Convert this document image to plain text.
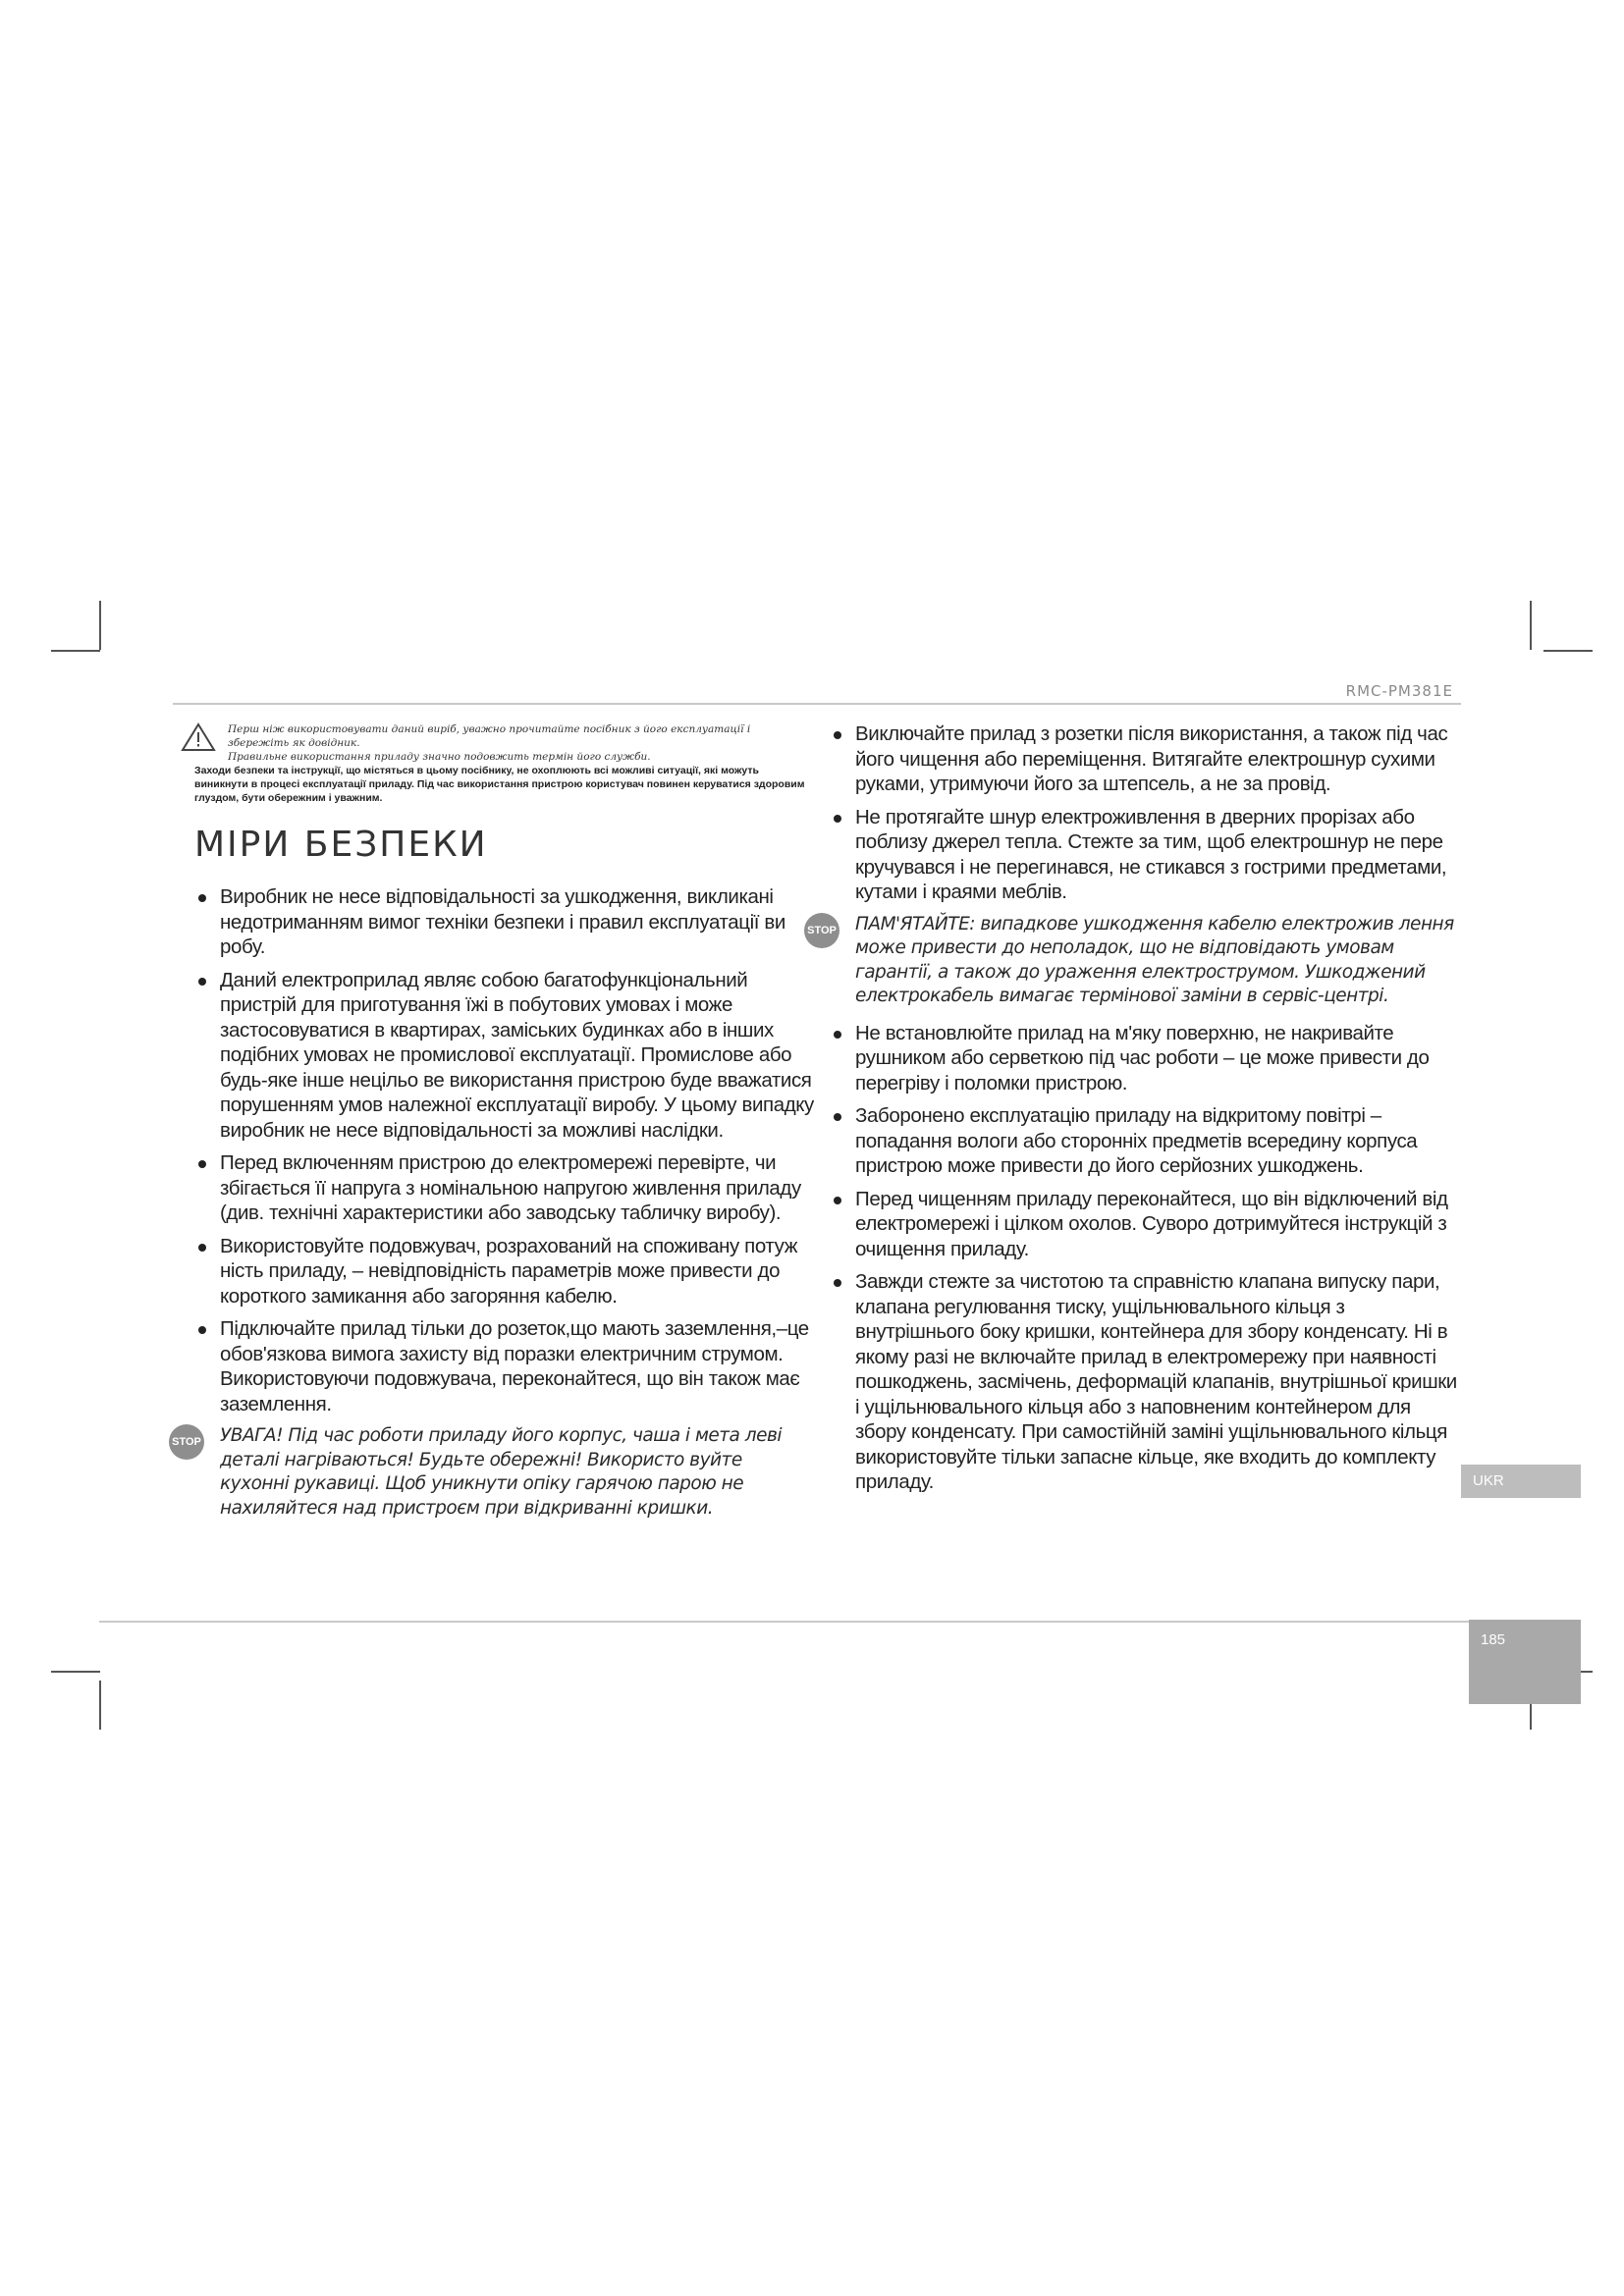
RMC-PM381E
Перш ніж використовувати даний виріб, уважно прочитайте посібник з його експлуатації і збережіть як довідник.
Правильне використання приладу значно подовжить термін його служби.
Заходи безпеки та інструкції, що містяться в цьому посібнику, не охоплюють всі можливі ситуації, які можуть виникнути в процесі експлуатації приладу. Під час використання пристрою користувач повинен керуватися здоровим глуздом, бути обережним і уважним.
МІРИ БЕЗПЕКИ
Виробник не несе відповідальності за ушкодження, викликані недотриманням вимог техніки безпеки і правил експлуатації ви робу.
Даний електроприлад являє собою багатофункціональний пристрій для приготування їжі в побутових умовах і може застосовуватися в квартирах, заміських будинках або в інших подібних умовах не промислової експлуатації. Промислове або будь-яке інше нецільо ве використання пристрою буде вважатися порушенням умов належної експлуатації виробу. У цьому випадку виробник не несе відповідальності за можливі наслідки.
Перед включенням пристрою до електромережі перевірте, чи збігається її напруга з номінальною напругою живлення приладу (див. технічні характеристики або заводську табличку виробу).
Використовуйте подовжувач, розрахований на споживану потуж ність приладу, – невідповідність параметрів може привести до короткого замикання або загоряння кабелю.
Підключайте прилад тільки до розеток,що мають заземлення,–це обов'язкова вимога захисту від поразки електричним струмом. Використовуючи подовжувача, переконайтеся, що він також має заземлення.
STOP УВАГА! Під час роботи приладу його корпус, чаша і мета леві деталі нагріваються! Будьте обережні! Використо вуйте кухонні рукавиці. Щоб уникнути опіку гарячою парою не нахиляйтеся над пристроєм при відкриванні кришки.
Виключайте прилад з розетки після використання, а також під час його чищення або переміщення. Витягайте електрошнур сухими руками, утримуючи його за штепсель, а не за провід.
Не протягайте шнур електроживлення в дверних прорізах або поблизу джерел тепла. Стежте за тим, щоб електрошнур не пере кручувався і не перегинався, не стикався з гострими предметами, кутами і краями меблів.
STOP ПАМ'ЯТАЙТЕ: випадкове ушкодження кабелю електрожив лення може привести до неполадок, що не відповідають умовам гарантії, а також до ураження електрострумом. Ушкоджений електрокабель вимагає термінової заміни в сервіс-центрі.
Не встановлюйте прилад на м'яку поверхню, не накривайте рушником або серветкою під час роботи – це може привести до перегріву і поломки пристрою.
Заборонено експлуатацію приладу на відкритому повітрі – попадання вологи або сторонніх предметів всередину корпуса пристрою може привести до його серйозних ушкоджень.
Перед чищенням приладу переконайтеся, що він відключений від електромережі і цілком охолов. Суворо дотримуйтеся інструкцій з очищення приладу.
Завжди стежте за чистотою та справністю клапана випуску пари, клапана регулювання тиску, ущільнювального кільця з внутрішнього боку кришки, контейнера для збору конденсату. Ні в якому разі не включайте прилад в електромережу при наявності пошкоджень, засмічень, деформацій клапанів, внутрішньої кришки і ущільнювального кільця або з наповненим контейнером для збору конденсату. При самостійній заміні ущільнювального кільця використовуйте тільки запасне кільце, яке входить до комплекту приладу.	UKR
185
